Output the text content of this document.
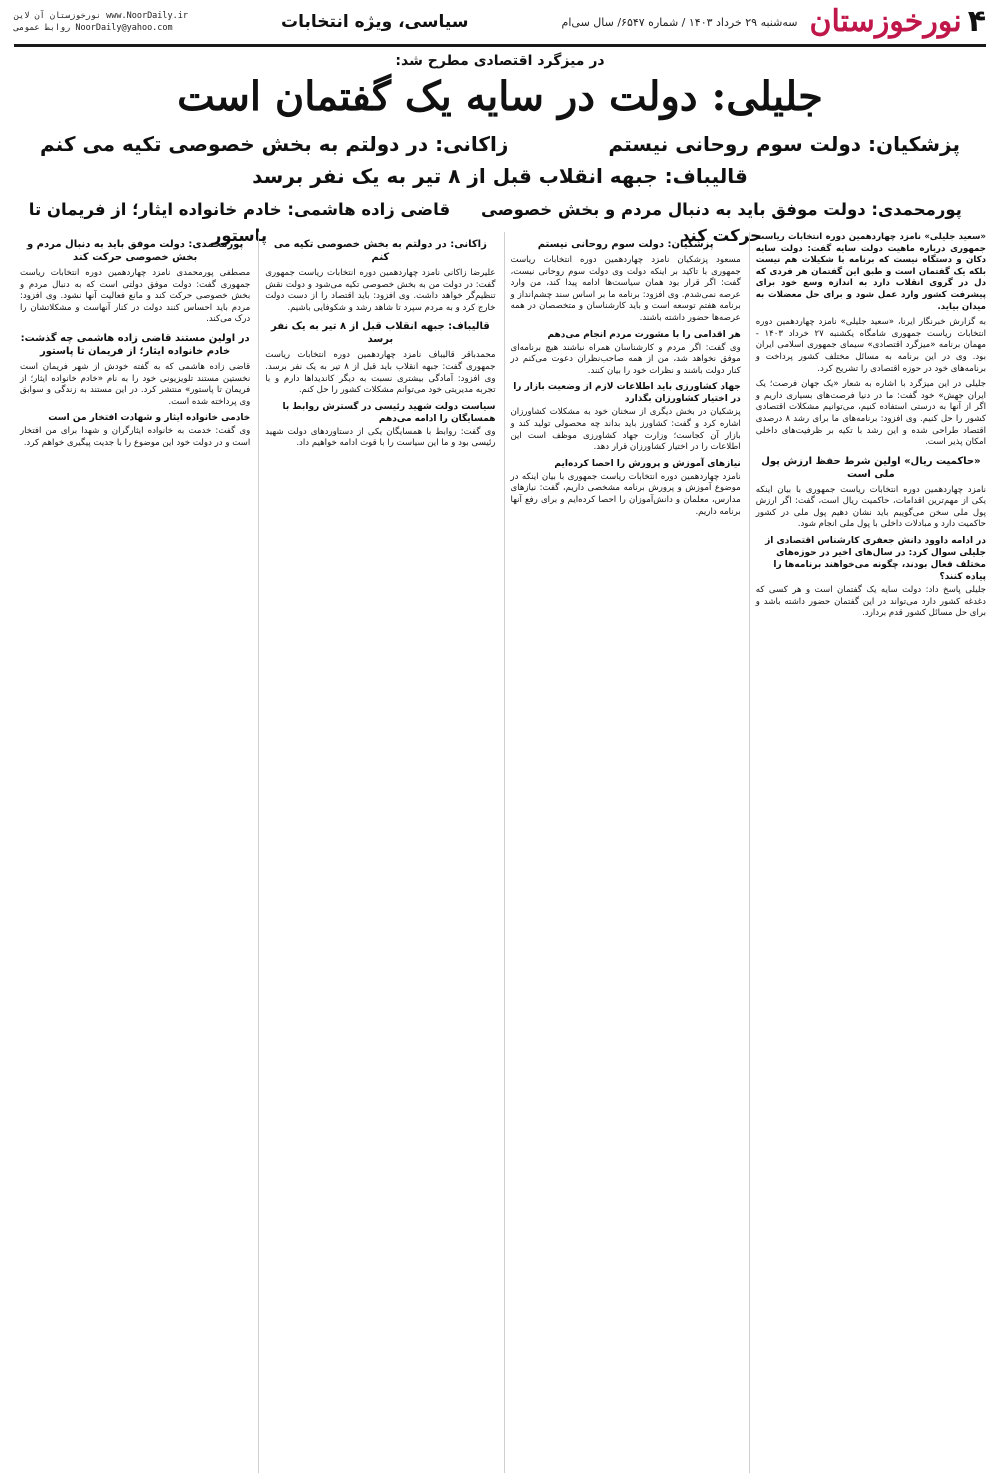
۴
نورخوزستان
سه‌شنبه ۲۹ خرداد ۱۴۰۳ / شماره ۶۵۴۷/ سال سی‌ام
سیاسی، ویژه انتخابات
www.NoorDaily.ir نورخوزستان آن لاین
NoorDaily@yahoo.com روابط عمومی
در میزگرد اقتصادی مطرح شد:
جلیلی: دولت در سایه یک گفتمان است
پزشکیان: دولت سوم روحانی نیستم
زاکانی: در دولتم به بخش خصوصی تکیه می کنم
قالیباف: جبهه انقلاب قبل از ۸ تیر به یک نفر برسد
پورمحمدی: دولت موفق باید به دنبال مردم و بخش خصوصی حرکت کند
قاضی زاده هاشمی: خادم خانواده ایثار؛ از فریمان تا پاستور	«سعید جلیلی» نامزد چهاردهمین دوره انتخابات ریاست جمهوری درباره ماهیت دولت سایه گفت: دولت سایه دکان و دستگاه نیست که برنامه با شکیلات هم نیست بلکه یک گفتمان است و طبق این گفتمان هر فردی که دل در گروی انقلاب دارد به اندازه وسع خود برای پیشرفت کشور وارد عمل شود و برای حل معضلات به میدان بیاید.

به گزارش خبرنگار ایرنا، «سعید جلیلی» نامزد چهاردهمین دوره انتخابات ریاست جمهوری شامگاه یکشنبه ۲۷ خرداد ۱۴۰۳ - مهمان برنامه «میزگرد اقتصادی» سیمای جمهوری اسلامی ایران بود. وی در این برنامه به مسائل مختلف کشور پرداخت و برنامه‌های خود در حوزه اقتصادی را تشریح کرد.

جلیلی در این میزگرد با اشاره به شعار «یک جهان فرصت؛ یک ایران جهش» خود گفت: ما در دنیا فرصت‌های بسیاری داریم و اگر از آنها به درستی استفاده کنیم، می‌توانیم مشکلات اقتصادی کشور را حل کنیم. وی افزود: برنامه‌های ما برای رشد ۸ درصدی اقتصاد طراحی شده و این رشد با تکیه بر ظرفیت‌های داخلی امکان پذیر است.

«حاکمیت ریال» اولین شرط حفظ ارزش پول ملی است

نامزد چهاردهمین دوره انتخابات ریاست جمهوری با بیان اینکه یکی از مهم‌ترین اقدامات، حاکمیت ریال است، گفت: اگر ارزش پول ملی سخن می‌گوییم باید نشان دهیم پول ملی در کشور حاکمیت دارد و مبادلات داخلی با پول ملی انجام شود.

در ادامه داوود دانش جعفری کارشناس اقتصادی از جلیلی سوال کرد: در سال‌های اخیر در حوزه‌های مختلف فعال بودند، چگونه می‌خواهند برنامه‌ها را پیاده کنند؟

جلیلی پاسخ داد: دولت سایه یک گفتمان است و هر کسی که دغدغه کشور دارد می‌تواند در این گفتمان حضور داشته باشد و برای حل مسائل کشور قدم بردارد.

پزشکیان: دولت سوم روحانی نیستم

مسعود پزشکیان نامزد چهاردهمین دوره انتخابات ریاست جمهوری با تاکید بر اینکه دولت وی دولت سوم روحانی نیست، گفت: اگر قرار بود همان سیاست‌ها ادامه پیدا کند، من وارد عرصه نمی‌شدم. وی افزود: برنامه ما بر اساس سند چشم‌انداز و برنامه هفتم توسعه است و باید کارشناسان و متخصصان در همه عرصه‌ها حضور داشته باشند.

هر اقدامی را با مشورت مردم انجام می‌دهم

وی گفت: اگر مردم و کارشناسان همراه نباشند هیچ برنامه‌ای موفق نخواهد شد، من از همه صاحب‌نظران دعوت می‌کنم در کنار دولت باشند و نظرات خود را بیان کنند.

جهاد کشاورزی باید اطلاعات لازم از وضعیت بازار را در اختیار کشاورزان بگذارد

پزشکیان در بخش دیگری از سخنان خود به مشکلات کشاورزان اشاره کرد و گفت: کشاورز باید بداند چه محصولی تولید کند و بازار آن کجاست؛ وزارت جهاد کشاورزی موظف است این اطلاعات را در اختیار کشاورزان قرار دهد.

نیازهای آموزش و پرورش را احصا کرده‌ایم

نامزد چهاردهمین دوره انتخابات ریاست جمهوری با بیان اینکه در موضوع آموزش و پرورش برنامه مشخصی داریم، گفت: نیازهای مدارس، معلمان و دانش‌آموزان را احصا کرده‌ایم و برای رفع آنها برنامه داریم.

زاکانی: در دولتم به بخش خصوصی تکیه می کنم

علیرضا زاکانی نامزد چهاردهمین دوره انتخابات ریاست جمهوری گفت: در دولت من به بخش خصوصی تکیه می‌شود و دولت نقش تنظیم‌گر خواهد داشت. وی افزود: باید اقتصاد را از دست دولت خارج کرد و به مردم سپرد تا شاهد رشد و شکوفایی باشیم.

قالیباف: جبهه انقلاب قبل از ۸ تیر به یک نفر برسد

محمدباقر قالیباف نامزد چهاردهمین دوره انتخابات ریاست جمهوری گفت: جبهه انقلاب باید قبل از ۸ تیر به یک نفر برسد. وی افزود: آمادگی بیشتری نسبت به دیگر کاندیداها دارم و با تجربه مدیریتی خود می‌توانم مشکلات کشور را حل کنم.

سیاست دولت شهید رئیسی در گسترش روابط با همسایگان را ادامه می‌دهم

وی گفت: روابط با همسایگان یکی از دستاوردهای دولت شهید رئیسی بود و ما این سیاست را با قوت ادامه خواهیم داد.

پورمحمدی: دولت موفق باید به دنبال مردم و بخش خصوصی حرکت کند

مصطفی پورمحمدی نامزد چهاردهمین دوره انتخابات ریاست جمهوری گفت: دولت موفق دولتی است که به دنبال مردم و بخش خصوصی حرکت کند و مانع فعالیت آنها نشود. وی افزود: مردم باید احساس کنند دولت در کنار آنهاست و مشکلاتشان را درک می‌کند.

در اولین مستند قاضی زاده هاشمی چه گذشت: خادم خانواده ایثار؛ از فریمان تا پاستور

قاضی زاده هاشمی که به گفته خودش از شهر فریمان است نخستین مستند تلویزیونی خود را به نام «خادم خانواده ایثار؛ از فریمان تا پاستور» منتشر کرد. در این مستند به زندگی و سوابق وی پرداخته شده است.

خادمی خانواده ایثار و شهادت افتخار من است

وی گفت: خدمت به خانواده ایثارگران و شهدا برای من افتخار است و در دولت خود این موضوع را با جدیت پیگیری خواهم کرد.
